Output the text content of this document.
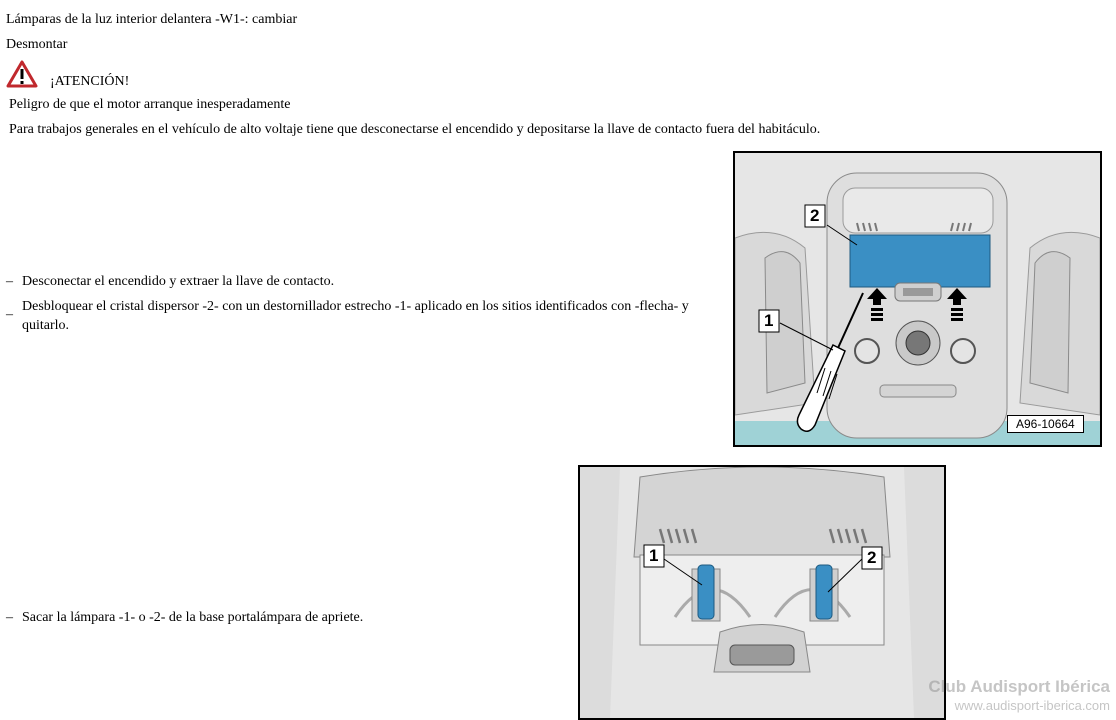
Lámparas de la luz interior delantera -W1-: cambiar
Desmontar
¡ATENCIÓN!
Peligro de que el motor arranque inesperadamente
Para trabajos generales en el vehículo de alto voltaje tiene que desconectarse el encendido y depositarse la llave de contacto fuera del habitáculo.
– Desconectar el encendido y extraer la llave de contacto.
–
Desbloquear el cristal dispersor -2- con un destornillador estrecho -1- aplicado en los sitios identificados con -flecha- y quitarlo.
– Sacar la lámpara -1- o -2- de la base portalámpara de apriete.
1
2
A96-10664
1	2
Club Audisport Ibérica
www.audisport-iberica.com
